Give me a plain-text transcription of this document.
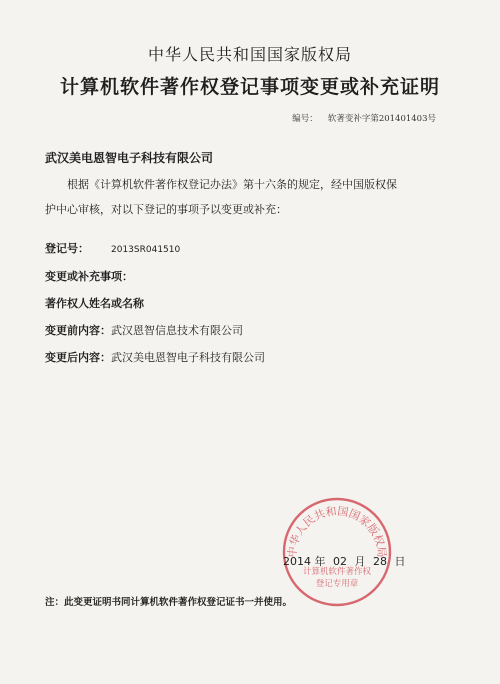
中华人民共和国国家版权局
计算机软件著作权登记事项变更或补充证明
编号： 软著变补字第201401403号
武汉美电恩智电子科技有限公司
根据《计算机软件著作权登记办法》第十六条的规定，经中国版权保
护中心审核，对以下登记的事项予以变更或补充：
登记号： 2013SR041510
变更或补充事项：
著作权人姓名或名称
变更前内容：武汉恩智信息技术有限公司
变更后内容：武汉美电恩智电子科技有限公司
中华人民共和国国家版权局
计算机软件著作权
登记专用章
2014 年 02 月 28 日
注：此变更证明书同计算机软件著作权登记证书一并使用。
